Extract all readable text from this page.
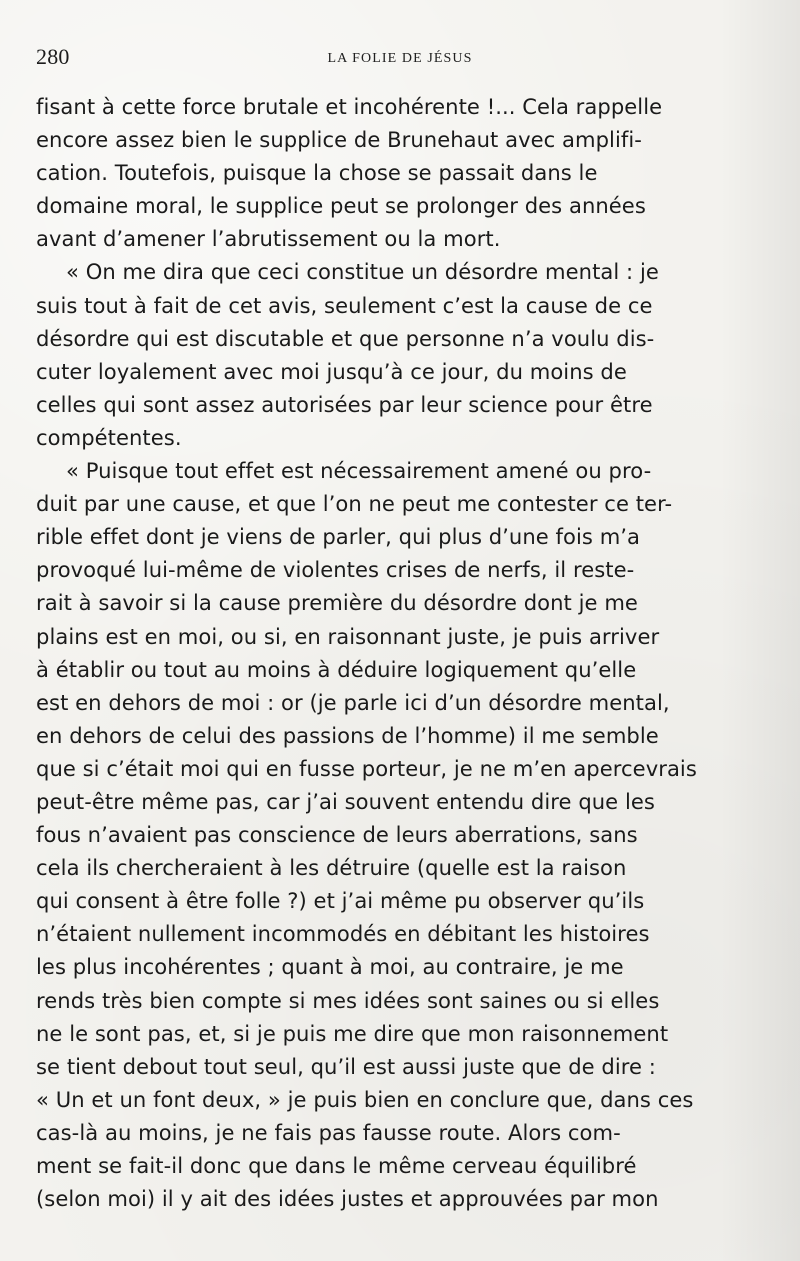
280	LA FOLIE DE JÉSUS
fisant à cette force brutale et incohérente !... Cela rappelle
encore assez bien le supplice de Brunehaut avec amplifi-
cation. Toutefois, puisque la chose se passait dans le
domaine moral, le supplice peut se prolonger des années
avant d’amener l’abrutissement ou la mort.
« On me dira que ceci constitue un désordre mental : je
suis tout à fait de cet avis, seulement c’est la cause de ce
désordre qui est discutable et que personne n’a voulu dis-
cuter loyalement avec moi jusqu’à ce jour, du moins de
celles qui sont assez autorisées par leur science pour être
compétentes.
« Puisque tout effet est nécessairement amené ou pro-
duit par une cause, et que l’on ne peut me contester ce ter-
rible effet dont je viens de parler, qui plus d’une fois m’a
provoqué lui-même de violentes crises de nerfs, il reste-
rait à savoir si la cause première du désordre dont je me
plains est en moi, ou si, en raisonnant juste, je puis arriver
à établir ou tout au moins à déduire logiquement qu’elle
est en dehors de moi : or (je parle ici d’un désordre mental,
en dehors de celui des passions de l’homme) il me semble
que si c’était moi qui en fusse porteur, je ne m’en apercevrais
peut-être même pas, car j’ai souvent entendu dire que les
fous n’avaient pas conscience de leurs aberrations, sans
cela ils chercheraient à les détruire (quelle est la raison
qui consent à être folle ?) et j’ai même pu observer qu’ils
n’étaient nullement incommodés en débitant les histoires
les plus incohérentes ; quant à moi, au contraire, je me
rends très bien compte si mes idées sont saines ou si elles
ne le sont pas, et, si je puis me dire que mon raisonnement
se tient debout tout seul, qu’il est aussi juste que de dire :
« Un et un font deux, » je puis bien en conclure que, dans ces
cas-là au moins, je ne fais pas fausse route. Alors com-
ment se fait-il donc que dans le même cerveau équilibré
(selon moi) il y ait des idées justes et approuvées par mon
